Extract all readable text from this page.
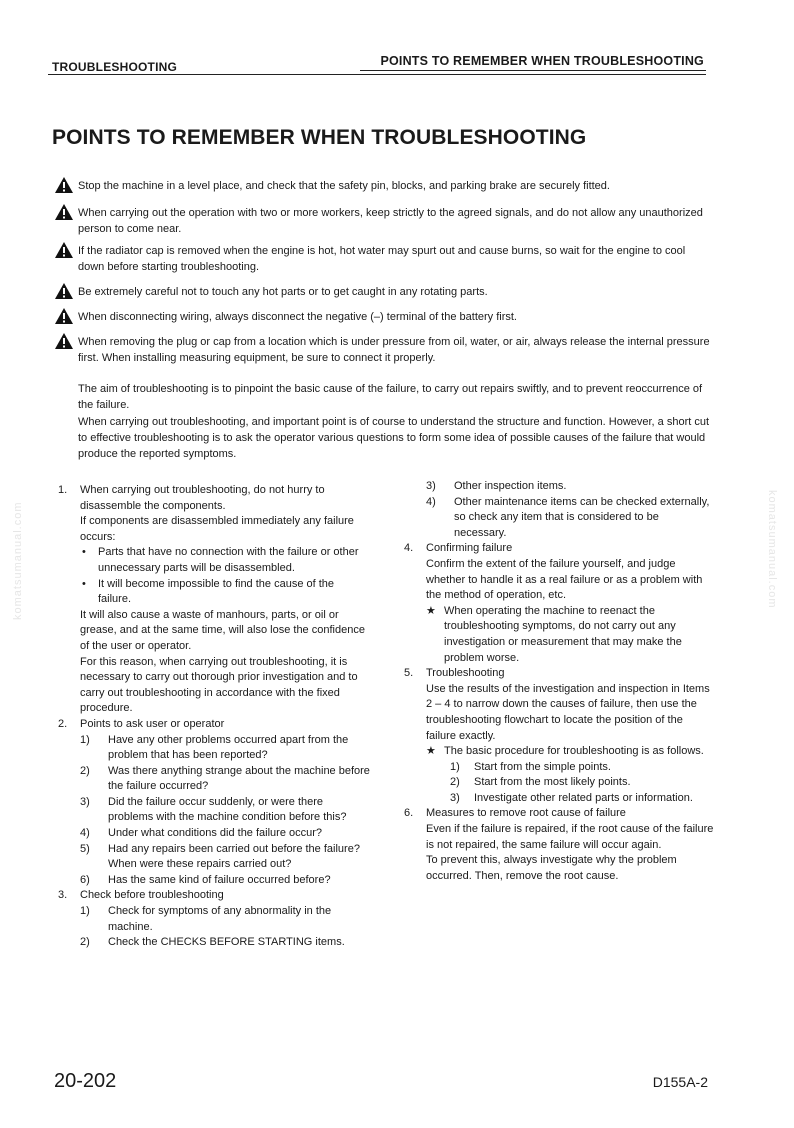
TROUBLESHOOTING	POINTS TO REMEMBER WHEN TROUBLESHOOTING
POINTS TO REMEMBER WHEN TROUBLESHOOTING
Stop the machine in a level place, and check that the safety pin, blocks, and parking brake are securely fitted.
When carrying out the operation with two or more workers, keep strictly to the agreed signals, and do not allow any unauthorized person to come near.
If the radiator cap is removed when the engine is hot, hot water may spurt out and cause burns, so wait for the engine to cool down before starting troubleshooting.
Be extremely careful not to touch any hot parts or to get caught in any rotating parts.
When disconnecting wiring, always disconnect the negative (–) terminal of the battery first.
When removing the plug or cap from a location which is under pressure from oil, water, or air, always release the internal pressure first. When installing measuring equipment, be sure to connect it properly.
The aim of troubleshooting is to pinpoint the basic cause of the failure, to carry out repairs swiftly, and to prevent reoccurrence of the failure.
When carrying out troubleshooting, and important point is of course to understand the structure and function. However, a short cut to effective troubleshooting is to ask the operator various questions to form some idea of possible causes of the failure that would produce the reported symptoms.

1. When carrying out troubleshooting, do not hurry to disassemble the components.

If components are disassembled immediately any failure occurs:

• Parts that have no connection with the failure or other unnecessary parts will be disassembled.

• It will become impossible to find the cause of the failure.

It will also cause a waste of manhours, parts, or oil or grease, and at the same time, will also lose the confidence of the user or operator.

For this reason, when carrying out troubleshooting, it is necessary to carry out thorough prior investigation and to carry out troubleshooting in accordance with the fixed procedure.

2. Points to ask user or operator

1) Have any other problems occurred apart from the problem that has been reported?

2) Was there anything strange about the machine before the failure occurred?

3) Did the failure occur suddenly, or were there problems with the machine condition before this?

4) Under what conditions did the failure occur?

5) Had any repairs been carried out before the failure?

When were these repairs carried out?

6) Has the same kind of failure occurred before?

3. Check before troubleshooting

1) Check for symptoms of any abnormality in the machine.

2) Check the CHECKS BEFORE STARTING items.

3) Other inspection items.

4) Other maintenance items can be checked externally, so check any item that is considered to be necessary.

4. Confirming failure

Confirm the extent of the failure yourself, and judge whether to handle it as a real failure or as a problem with the method of operation, etc.

★ When operating the machine to reenact the troubleshooting symptoms, do not carry out any investigation or measurement that may make the problem worse.

5. Troubleshooting

Use the results of the investigation and inspection in Items 2 – 4 to narrow down the causes of failure, then use the troubleshooting flowchart to locate the position of the failure exactly.

★ The basic procedure for troubleshooting is as follows.

1) Start from the simple points.

2) Start from the most likely points.

3) Investigate other related parts or information.

6. Measures to remove root cause of failure

Even if the failure is repaired, if the root cause of the failure is not repaired, the same failure will occur again.

To prevent this, always investigate why the problem occurred. Then, remove the root cause.

komatsumanual.com	komatsumanual.com
20-202	D155A-2
